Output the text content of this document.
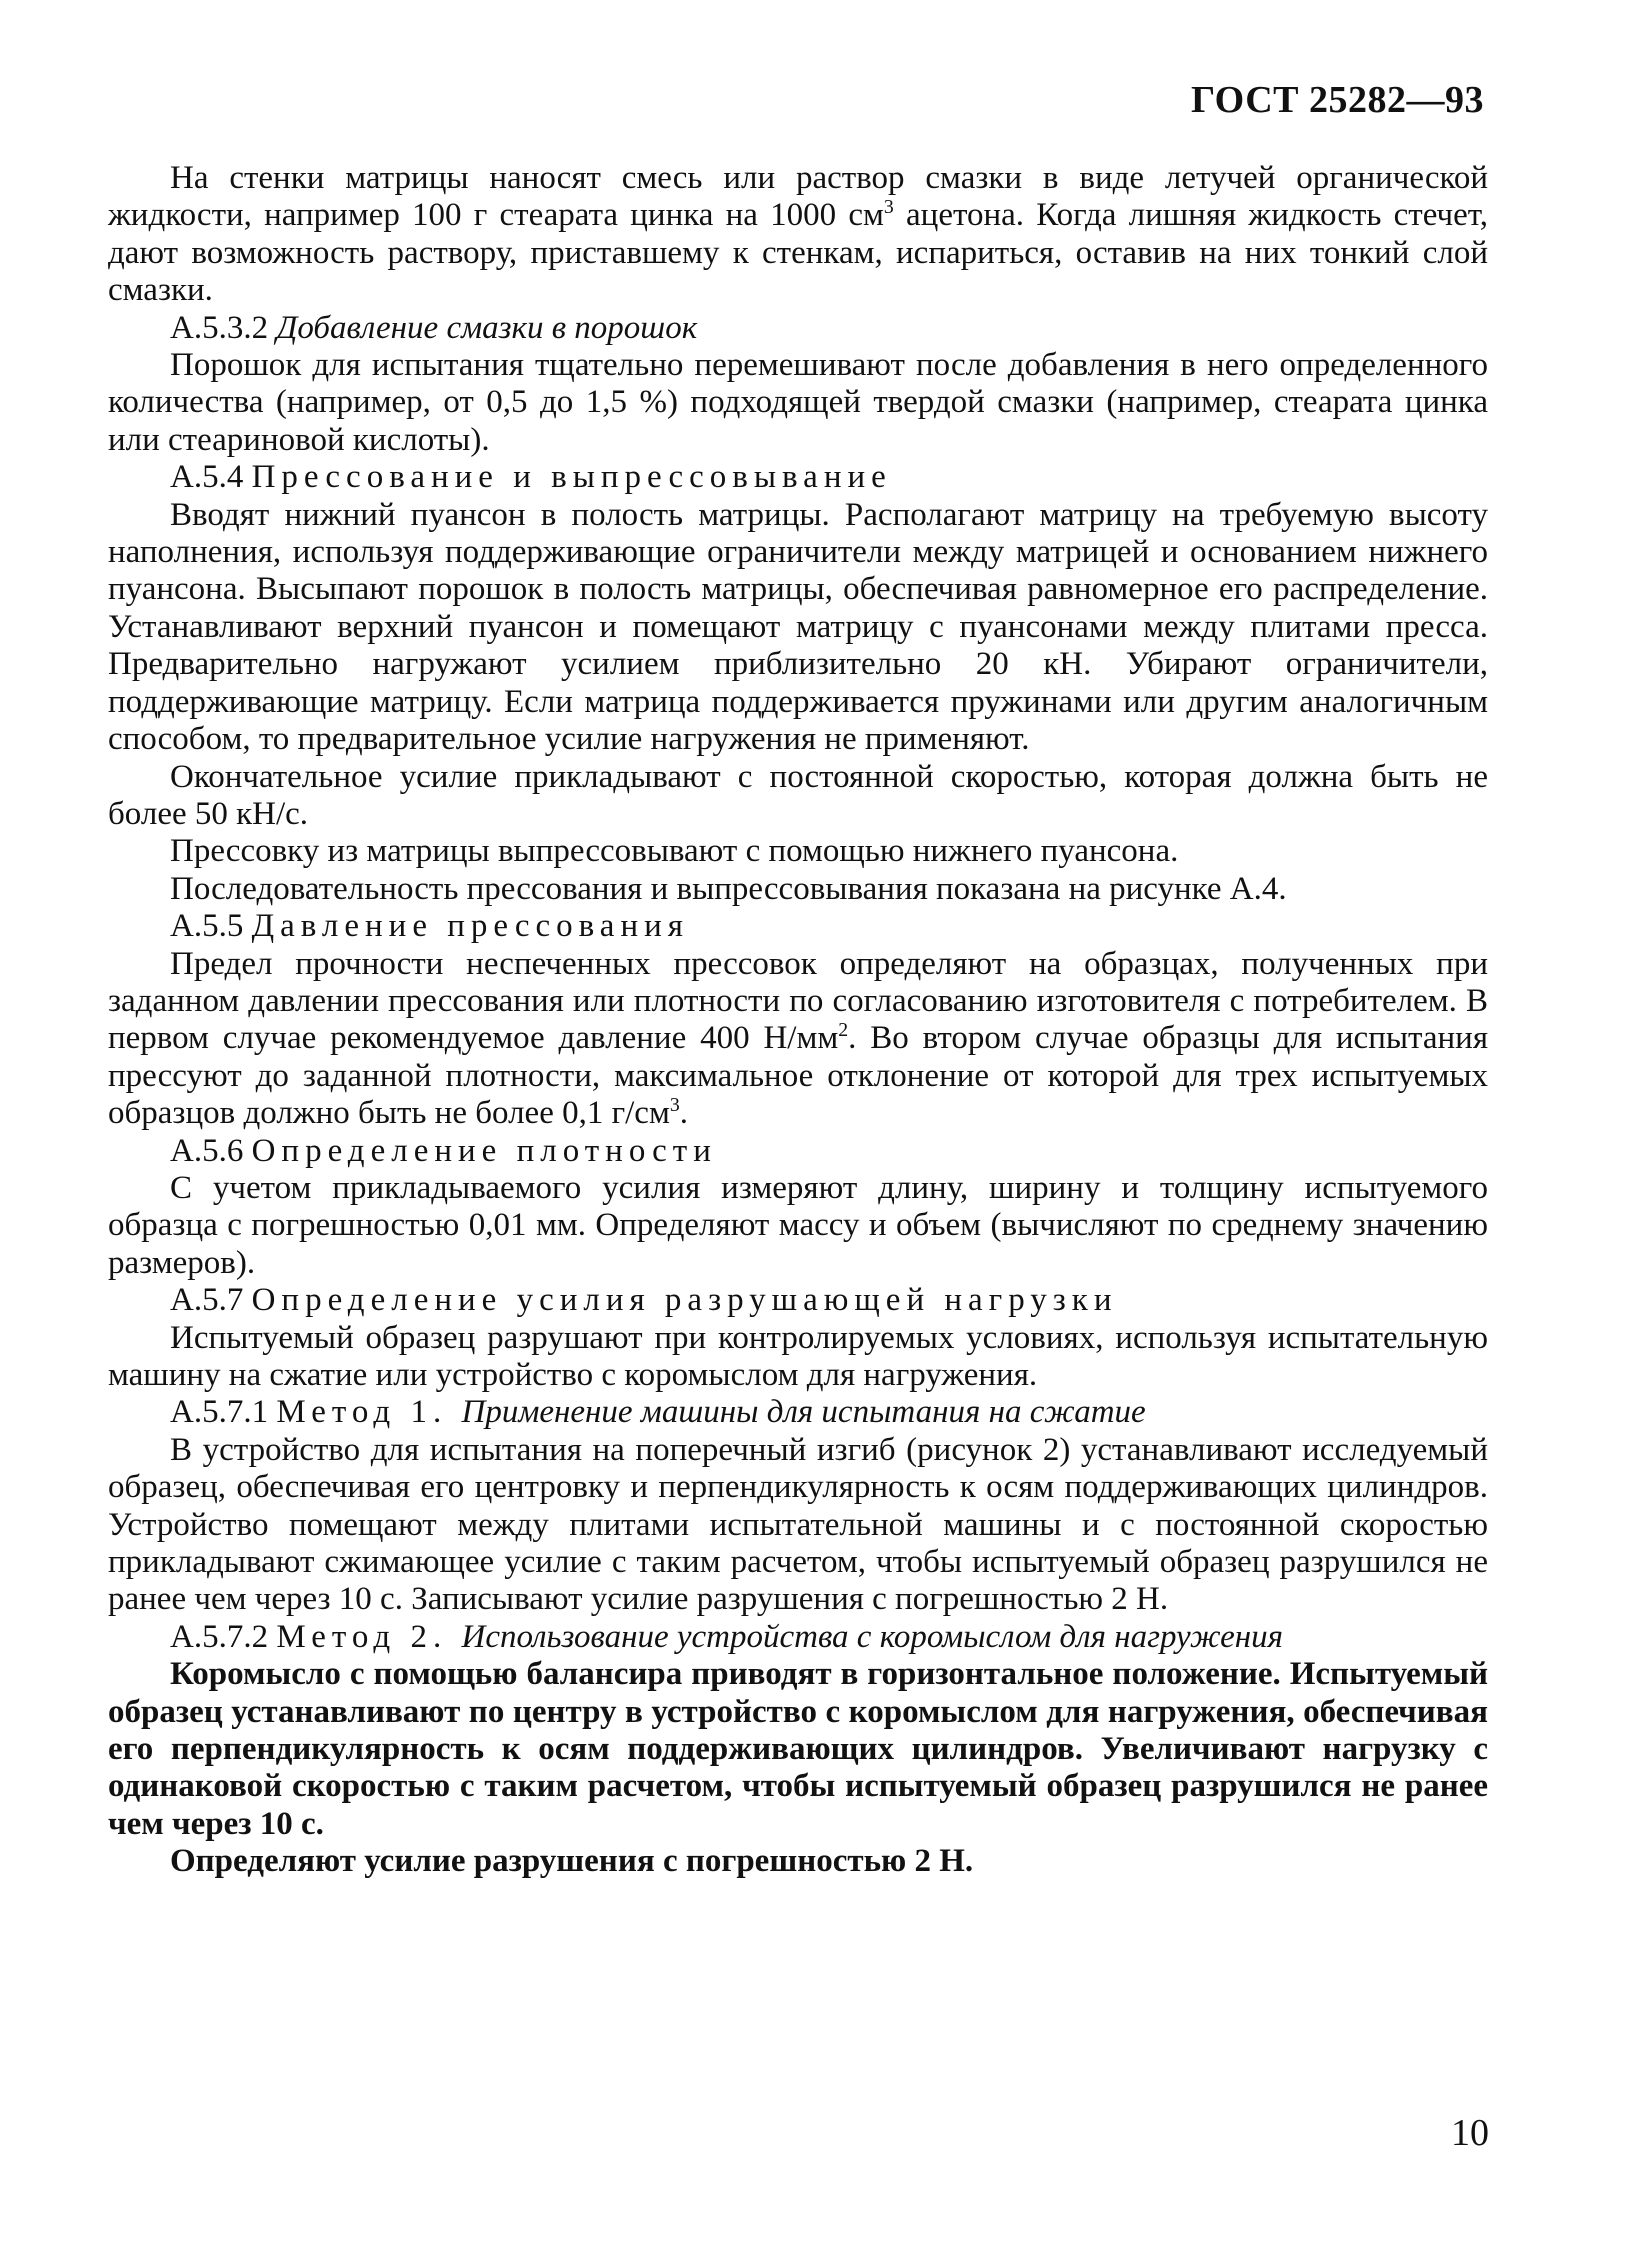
ГОСТ 25282—93

На стенки матрицы наносят смесь или раствор смазки в виде летучей органической жидкости, например 100 г стеарата цинка на 1000 $см^3$ ацетона. Когда лишняя жидкость стечет, дают возможность раствору, приставшему к стенкам, испариться, оставив на них тонкий слой смазки.

А.5.3.2 Добавление смазки в порошок

Порошок для испытания тщательно перемешивают после добавления в него определенного количества (например, от 0,5 до 1,5 %) подходящей твердой смазки (например, стеарата цинка или стеариновой кислоты).

А.5.4 Прессование и выпрессовывание

Вводят нижний пуансон в полость матрицы. Располагают матрицу на требуемую высоту наполнения, используя поддерживающие ограничители между матрицей и основанием нижнего пуансона. Высыпают порошок в полость матрицы, обеспечивая равномерное его распределение. Устанавливают верхний пуансон и помещают матрицу с пуансонами между плитами пресса. Предварительно нагружают усилием приблизительно 20 кН. Убирают ограничители, поддерживающие матрицу. Если матрица поддерживается пружинами или другим аналогичным способом, то предварительное усилие нагружения не применяют.

Окончательное усилие прикладывают с постоянной скоростью, которая должна быть не более 50 кН/с.

Прессовку из матрицы выпрессовывают с помощью нижнего пуансона.

Последовательность прессования и выпрессовывания показана на рисунке А.4.

А.5.5 Давление прессования

Предел прочности неспеченных прессовок определяют на образцах, полученных при заданном давлении прессования или плотности по согласованию изготовителя с потребителем. В первом случае рекомендуемое давление 400 $Н/мм^2$. Во втором случае образцы для испытания прессуют до заданной плотности, максимальное отклонение от которой для трех испытуемых образцов должно быть не более 0,1 $г/см^3$.

А.5.6 Определение плотности

С учетом прикладываемого усилия измеряют длину, ширину и толщину испытуемого образца с погрешностью 0,01 мм. Определяют массу и объем (вычисляют по среднему значению размеров).

А.5.7 Определение усилия разрушающей нагрузки

Испытуемый образец разрушают при контролируемых условиях, используя испытательную машину на сжатие или устройство с коромыслом для нагружения.

А.5.7.1 Метод 1. Применение машины для испытания на сжатие

В устройство для испытания на поперечный изгиб (рисунок 2) устанавливают исследуемый образец, обеспечивая его центровку и перпендикулярность к осям поддерживающих цилиндров. Устройство помещают между плитами испытательной машины и с постоянной скоростью прикладывают сжимающее усилие с таким расчетом, чтобы испытуемый образец разрушился не ранее чем через 10 с. Записывают усилие разрушения с погрешностью 2 Н.

А.5.7.2 Метод 2. Использование устройства с коромыслом для нагружения

Коромысло с помощью балансира приводят в горизонтальное положение. Испытуемый образец устанавливают по центру в устройство с коромыслом для нагружения, обеспечивая его перпендикулярность к осям поддерживающих цилиндров. Увеличивают нагрузку с одинаковой скоростью с таким расчетом, чтобы испытуемый образец разрушился не ранее чем через 10 с.

Определяют усилие разрушения с погрешностью 2 Н.

10
